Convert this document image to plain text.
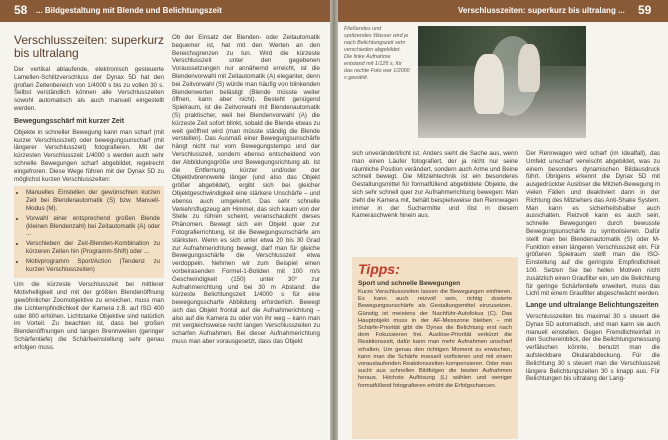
58 ... Bildgestaltung mit Blende und Belichtungszeit
Verschlusszeiten: superkurz bis ultralang

Der vertikal ablaufende, elektronisch gesteuerte Lamellen-Schlitzverschluss der Dynax 5D hat den großen Zeitenbereich von 1/4000 s bis zu vollen 30 s. Selbst verständlich können alle Verschlusszeiten sowohl automatisch als auch manuell eingestellt werden.

Bewegungsschärf mit kurzer Zeit

Objekte in schneller Bewegung kann man scharf (mit kurzer Verschlusszeit) oder bewegungsunscharf (mit längerer Verschlusszeit) fotografieren. Mit der kürzesten Verschlusszeit 1/4000 s werden auch sehr schnelle Bewegungen scharf abgebildet, regelrecht eingefroren. Diese Wege führen mit der Dynax 5D zu möglichst kurzen Verschlusszeiten:

• Manuelles Einstellen der gewünschten kurzen Zeit bei Blendenautomatik (S) bzw. Manuell-Modus (M).
• Vorwahl einer entsprechend großen Blende (kleinen Blendenzahl) bei Zeitautomatik (A) oder ...
• Verschieben der Zeit-Blenden-Kombination zu kürzeren Zeiten hin (Programm-Shift) oder ...
• Motivprogramm Sport/Action (Tendenz zu kurzen Verschlusszeiten)

Um die kürzeste Verschlusszeit bei mittlerer Motivhelligkeit und mit der größten Blendenöffnung gewöhnlicher Zoomobjektive zu erreichen, muss man die Lichtempfindlichkeit der Kamera z.B. auf ISO 400 oder 800 erhöhen. Lichtstarke Objektive sind natürlich im Vorteil. Zu beachten ist, dass bei großen Blendenöffnungen und langen Brennweiten (geringer Schärfentiefe) die Schärfeeinstellung sehr genau erfolgen muss.

Ob der Einsatz der Blenden- oder Zeitautomatik bequemer ist, hat mit den Werten an den Bereichsgrenzen zu tun. Wird die kürzeste Verschlusszeit unter den gegebenen Voraussetzungen nur annähernd erreicht, ist die Blendenvorwahl mit Zeitautomatik (A) eleganter, denn bei Zeitvorwahl (S) würde man häufig von blinkenden Blendenwerten belästigt (Blende müsste weiter öffnen, kann aber nicht). Besteht genügend Spielraum, ist die Zeitvorwahl mit Blendenautomatik (S) praktischer, weil bei Blendenvorwahl (A) die kürzeste Zeit sofort blinkt, sobald die Blende etwas zu weit geöffnet wird (man müsste ständig die Blende verstellen). Das Ausmaß einer Bewegungsunschärfe hängt nicht nur vom Bewegungstempo und der Verschlusszeit, sondern ebenso entscheidend von der Abbildungsgröße und Bewegungsrichtung ab. Ist die Entfernung kürzer und/oder der Objektivbrennweite länger (und also das Objekt größer abgebildet), ergibt sich bei gleicher Objektgeschwindigkeit eine stärkere Unschärfe – und ebenso auch umgekehrt. Das sehr schnelle Verkehrsflugzeug am Himmel, das sich kaum von der Stelle zu rühren scheint, veranschaulicht dieses Phänomen. Bewegt sich ein Objekt quer zur Fotografierrichtung, ist die Bewegungsunschärfe am stärksten. Wenn es sich unter etwa 20 bis 30 Grad zur Aufnahmerichtung bewegt, darf man für gleiche Bewegungsschärfe die Verschlusszeit etwa verdoppeln. Nehmen wir zum Beispiel einen vorbeirasenden Formel-1-Boliden mit 100 m/s Geschwindigkeit (150) unter 30° zur Aufnahmerichtung und bei 30 m Abstand: die kürzeste Belichtungszeit 1/4000 s für eine bewegungsscharfe Abbildung erforderlich. Bewegt sich das Objekt frontal auf die Aufnahmerichtung – also auf die Kamera zu oder von ihr weg – kann man mit vergleichsweise recht langen Verschlusszeiten zu scharfen Aufnahmen. Bei dieser Aufnahmerichtung muss man aber vorausgesetzt, dass das Objekt

Verschlusszeiten: superkurz bis ultralang ... 59
Fließendes und spritzendes Wasser wird je nach Belichtungszeit sehr verschieden abgebildet. Die linke Aufnahme entstand mit 1/125 s, für das rechte Foto war 1/2000 s gewählt.

sich unverändert/licht ist. Anders sieht die Sache aus, wenn man einen Läufer fotografiert, der ja nicht nur seine räumliche Position verändert, sondern auch Arme und Beine schnell bewegt. Die Mitziehtechnik ist ein besonderes Gestaltungsmittel für formatfüllend abgebildete Objekte, die sich sehr schnell quer zur Aufnahmerichtung bewegen: Man zieht die Kamera mit, behält beispielsweise den Rennwagen immer in der Suchermitte und löst in diesem Kameraschwenk hinein aus.

Tipps:
Sport und schnelle Bewegungen
Kurze Verschlusszeiten lassen die Bewegungen einfrieren. Es kann auch reizvoll sein, richtig dosierte Bewegungsunschärfe als Gestaltungsmittel einzusetzen. Günstig ist meistens der Nachführ-Autofokus (C). Das Hauptobjekt muss in der AF-Messzone bleiben – mit Schärfe-Priorität gibt die Dynax die Belichtung erst nach dem Fokussieren frei. Auslöse-Priorität verkürzt die Reaktionszeit, dafür kann man mehr Aufnahmen unscharf erhalten. Um genau den richtigen Moment zu erwischen, kann man die Schärfe manuell vorfixieren und mit einem vorauslaufenden Reaktionszeiten kompensieren. Oder man sucht aus schnellen Bildfolgen die besten Aufnahmen heraus. Höchste Auflösung (L) wählen und weniger formatfüllend fotografieren erhöht die Erfolgschancen.

Der Rennwagen wird scharf (im Idealfall), das Umfeld unscharf verwischt abgebildet, was zu einem besonders dynamischen Bildausdruck führt. Übrigens erkennt die Dynax 5D mit ausgedrückter Auslöser die Mitzieh-Bewegung in vielen Fällen und deaktiviert dann in der Richtung des Mitziehers das Anti-Shake System. Man kann es sicherheitshalber auch ausschalten. Reizvoll kann es auch sein, schnelle Bewegungen durch bewusste Bewegungsunschärfe zu symbolisieren. Dafür stellt man bei Blendenautomatik (S) oder M-Funktion einen längeren Verschlusszeit ein. Für größeren Spielraum stellt man die ISO-Einstellung auf die geringste Empfindlichkeit 100. Setzen Sie bei hellen Motiven nicht zusätzlich einen Graufilter ein, um die Belichtung für geringe Schärfentiefe erweitert, muss das Licht mit einem Graufilter abgeschwächt werden.

Lange und ultralange Belichtungszeiten

Verschlusszeiten bis maximal 30 s steuert die Dynax 5D automatisch, und man kann sie auch manuell einstellen. Gegen Fremdlichteinfall in den Suchereinblick, der die Belichtungsmessung verfälschen könnte, benutzt man die aufsteckbare Okularabdeckung. Für die Belichtung 30 s steuert man die Verschlusszeit längere Belichtungszeiten 30 s knapp aus. Für Belichtungen bis ultralang der Lang-
